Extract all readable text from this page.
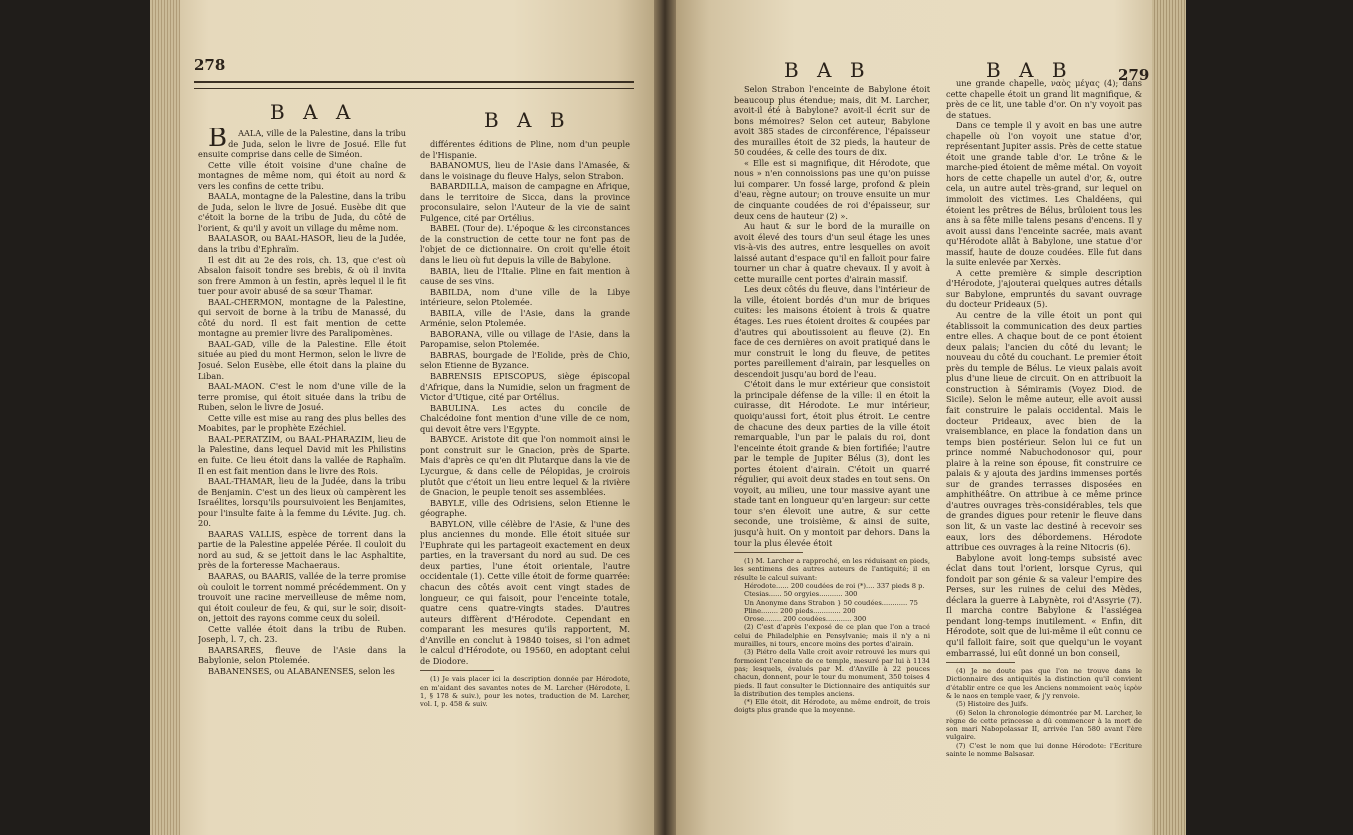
278
B A A	B A B

BAALA, ville de la Palestine, dans la tribu de Juda, selon le livre de Josué. Elle fut ensuite comprise dans celle de Siméon.

Cette ville étoit voisine d'une chaîne de montagnes de même nom, qui étoit au nord & vers les confins de cette tribu.

BAALA, montagne de la Palestine, dans la tribu de Juda, selon le livre de Josué. Eusèbe dit que c'étoit la borne de la tribu de Juda, du côté de l'orient, & qu'il y avoit un village du même nom.

BAALASOR, ou BAAL-HASOR, lieu de la Judée, dans la tribu d'Ephraïm.

Il est dit au 2e des rois, ch. 13, que c'est où Absalon faisoit tondre ses brebis, & où il invita son frere Ammon à un festin, après lequel il le fit tuer pour avoir abusé de sa sœur Thamar.

BAAL-CHERMON, montagne de la Palestine, qui servoit de borne à la tribu de Manassé, du côté du nord. Il est fait mention de cette montagne au premier livre des Paralipomènes.

BAAL-GAD, ville de la Palestine. Elle étoit située au pied du mont Hermon, selon le livre de Josué. Selon Eusèbe, elle étoit dans la plaine du Liban.

BAAL-MAON. C'est le nom d'une ville de la terre promise, qui étoit située dans la tribu de Ruben, selon le livre de Josué.

Cette ville est mise au rang des plus belles des Moabites, par le prophète Ezéchiel.

BAAL-PERATZIM, ou BAAL-PHARAZIM, lieu de la Palestine, dans lequel David mit les Philistins en fuite. Ce lieu étoit dans la vallée de Raphaïm. Il en est fait mention dans le livre des Rois.

BAAL-THAMAR, lieu de la Judée, dans la tribu de Benjamin. C'est un des lieux où campèrent les Israélites, lorsqu'ils poursuivoient les Benjamites, pour l'insulte faite à la femme du Lévite. Jug. ch. 20.

BAARAS VALLIS, espèce de torrent dans la partie de la Palestine appelée Pérée. Il couloit du nord au sud, & se jettoit dans le lac Asphaltite, près de la forteresse Machaeraus.

BAARAS, ou BAARIS, vallée de la terre promise où couloit le torrent nommé précédemment. On y trouvoit une racine merveilleuse de même nom, qui étoit couleur de feu, & qui, sur le soir, disoit-on, jettoit des rayons comme ceux du soleil.

Cette vallée étoit dans la tribu de Ruben. Joseph, l. 7, ch. 23.

BAARSARES, fleuve de l'Asie dans la Babylonie, selon Ptolemée.

BABANENSES, ou ALABANENSES, selon les

différentes éditions de Pline, nom d'un peuple de l'Hispanie.

BABANOMUS, lieu de l'Asie dans l'Amasée, & dans le voisinage du fleuve Halys, selon Strabon.

BABARDILLA, maison de campagne en Afrique, dans le territoire de Sicca, dans la province proconsulaire, selon l'Auteur de la vie de saint Fulgence, cité par Ortélius.

BABEL (Tour de). L'époque & les circonstances de la construction de cette tour ne font pas de l'objet de ce dictionnaire. On croit qu'elle étoit dans le lieu où fut depuis la ville de Babylone.

BABIA, lieu de l'Italie. Pline en fait mention à cause de ses vins.

BABILDA, nom d'une ville de la Libye intérieure, selon Ptolemée.

BABILA, ville de l'Asie, dans la grande Arménie, selon Ptolemée.

BABORANA, ville ou village de l'Asie, dans la Paropamise, selon Ptolemée.

BABRAS, bourgade de l'Eolide, près de Chio, selon Etienne de Byzance.

BABRENSIS EPISCOPUS, siège épiscopal d'Afrique, dans la Numidie, selon un fragment de Victor d'Utique, cité par Ortélius.

BABULINA. Les actes du concile de Chalcédoine font mention d'une ville de ce nom, qui devoit être vers l'Egypte.

BABYCE. Aristote dit que l'on nommoit ainsi le pont construit sur le Gnacion, près de Sparte. Mais d'après ce qu'en dit Plutarque dans la vie de Lycurgue, & dans celle de Pélopidas, je croirois plutôt que c'étoit un lieu entre lequel & la rivière de Gnacion, le peuple tenoit ses assemblées.

BABYLE, ville des Odrisiens, selon Etienne le géographe.

BABYLON, ville célèbre de l'Asie, & l'une des plus anciennes du monde. Elle étoit située sur l'Euphrate qui les partageoit exactement en deux parties, en la traversant du nord au sud. De ces deux parties, l'une étoit orientale, l'autre occidentale (1). Cette ville étoit de forme quarrée: chacun des côtés avoit cent vingt stades de longueur, ce qui faisoit, pour l'enceinte totale, quatre cens quatre-vingts stades. D'autres auteurs diffèrent d'Hérodote. Cependant en comparant les mesures qu'ils rapportent, M. d'Anville en conclut à 19840 toises, si l'on admet le calcul d'Hérodote, ou 19560, en adoptant celui de Diodore.

(1) Je vais placer ici la description donnée par Hérodote, en m'aidant des savantes notes de M. Larcher (Hérodote, l. 1, § 178 & suiv.), pour les notes, traduction de M. Larcher, vol. I, p. 458 & suiv.

B A B	B A B	279

Selon Strabon l'enceinte de Babylone étoit beaucoup plus étendue; mais, dit M. Larcher, avoit-il été à Babylone? avoit-il écrit sur de bons mémoires? Selon cet auteur, Babylone avoit 385 stades de circonférence, l'épaisseur des murailles étoit de 32 pieds, la hauteur de 50 coudées, & celle des tours de dix.

« Elle est si magnifique, dit Hérodote, que nous » n'en connoissions pas une qu'on puisse lui comparer. Un fossé large, profond & plein d'eau, règne autour; on trouve ensuite un mur de cinquante coudées de roi d'épaisseur, sur deux cens de hauteur (2) ».

Au haut & sur le bord de la muraille on avoit élevé des tours d'un seul étage les unes vis-à-vis des autres, entre lesquelles on avoit laissé autant d'espace qu'il en falloit pour faire tourner un char à quatre chevaux. Il y avoit à cette muraille cent portes d'airain massif.

Les deux côtés du fleuve, dans l'intérieur de la ville, étoient bordés d'un mur de briques cuites: les maisons étoient à trois & quatre étages. Les rues étoient droites & coupées par d'autres qui aboutissoient au fleuve (2). En face de ces dernières on avoit pratiqué dans le mur construit le long du fleuve, de petites portes pareillement d'airain, par lesquelles on descendoit jusqu'au bord de l'eau.

C'étoit dans le mur extérieur que consistoit la principale défense de la ville: il en étoit la cuirasse, dit Hérodote. Le mur intérieur, quoiqu'aussi fort, étoit plus étroit. Le centre de chacune des deux parties de la ville étoit remarquable, l'un par le palais du roi, dont l'enceinte étoit grande & bien fortifiée; l'autre par le temple de Jupiter Bélus (3), dont les portes étoient d'airain. C'étoit un quarré régulier, qui avoit deux stades en tout sens. On voyoit, au milieu, une tour massive ayant une stade tant en longueur qu'en largeur: sur cette tour s'en élevoit une autre, & sur cette seconde, une troisième, & ainsi de suite, jusqu'à huit. On y montoit par dehors. Dans la tour la plus élevée étoit

(1) M. Larcher a rapproché, en les réduisant en pieds, les sentimens des autres auteurs de l'antiquité; il en résulte le calcul suivant:

Hérodote...... 200 coudées de roi (*).... 337 pieds 8 p.

Ctesias...... 50 orgyies........... 300

Un Anonyme dans Strabon } 50 coudées............ 75

Pline........ 200 pieds............. 200

Orose........ 200 coudées............ 300

(2) C'est d'après l'exposé de ce plan que l'on a tracé celui de Philadelphie en Pensylvanie; mais il n'y a ni murailles, ni tours, encore moins des portes d'airain.

(3) Piétro della Valle croit avoir retrouvé les murs qui formoient l'enceinte de ce temple, mesuré par lui à 1134 pas; lesquels, évalués par M. d'Anville à 22 pouces chacun, donnent, pour le tour du monument, 350 toises 4 pieds. Il faut consulter le Dictionnaire des antiquités sur la distribution des temples anciens.

(*) Elle étoit, dit Hérodote, au même endroit, de trois doigts plus grande que la moyenne.

une grande chapelle, ναὸς μέγας (4); dans cette chapelle étoit un grand lit magnifique, & près de ce lit, une table d'or. On n'y voyoit pas de statues.

Dans ce temple il y avoit en bas une autre chapelle où l'on voyoit une statue d'or, représentant Jupiter assis. Près de cette statue étoit une grande table d'or. Le trône & le marche-pied étoient de même métal. On voyoit hors de cette chapelle un autel d'or, &, outre cela, un autre autel très-grand, sur lequel on immoloit des victimes. Les Chaldéens, qui étoient les prêtres de Bélus, brûloient tous les ans à sa fête mille talens pesans d'encens. Il y avoit aussi dans l'enceinte sacrée, mais avant qu'Hérodote allât à Babylone, une statue d'or massif, haute de douze coudées. Elle fut dans la suite enlevée par Xerxès.

A cette première & simple description d'Hérodote, j'ajouterai quelques autres détails sur Babylone, empruntés du savant ouvrage du docteur Prideaux (5).

Au centre de la ville étoit un pont qui établissoit la communication des deux parties entre elles. A chaque bout de ce pont étoient deux palais; l'ancien du côté du levant; le nouveau du côté du couchant. Le premier étoit près du temple de Bélus. Le vieux palais avoit plus d'une lieue de circuit. On en attribuoit la construction à Sémiramis (Voyez Diod. de Sicile). Selon le même auteur, elle avoit aussi fait construire le palais occidental. Mais le docteur Prideaux, avec bien de la vraisemblance, en place la fondation dans un temps bien postérieur. Selon lui ce fut un prince nommé Nabuchodonosor qui, pour plaire à la reine son épouse, fit construire ce palais & y ajouta des jardins immenses portés sur de grandes terrasses disposées en amphithéâtre. On attribue à ce même prince d'autres ouvrages très-considérables, tels que de grandes digues pour retenir le fleuve dans son lit, & un vaste lac destiné à recevoir ses eaux, lors des débordemens. Hérodote attribue ces ouvrages à la reine Nitocris (6).

Babylone avoit long-temps subsisté avec éclat dans tout l'orient, lorsque Cyrus, qui fondoit par son génie & sa valeur l'empire des Perses, sur les ruines de celui des Mèdes, déclara la guerre à Labynète, roi d'Assyrie (7). Il marcha contre Babylone & l'assiégea pendant long-temps inutilement. « Enfin, dit Hérodote, soit que de lui-même il eût connu ce qu'il falloit faire, soit que quelqu'un le voyant embarrassé, lui eût donné un bon conseil,

(4) Je ne doute pas que l'on ne trouve dans le Dictionnaire des antiquités la distinction qu'il convient d'établir entre ce que les Anciens nommoient ναὸς ἱερὸν & le naos en temple vaer, & j'y renvoie.

(5) Histoire des Juifs.

(6) Selon la chronologie démontrée par M. Larcher, le règne de cette princesse a dû commencer à la mort de son mari Nabopolassar II, arrivée l'an 580 avant l'ère vulgaire.

(7) C'est le nom que lui donne Hérodote: l'Ecriture sainte le nomme Balsasar.
